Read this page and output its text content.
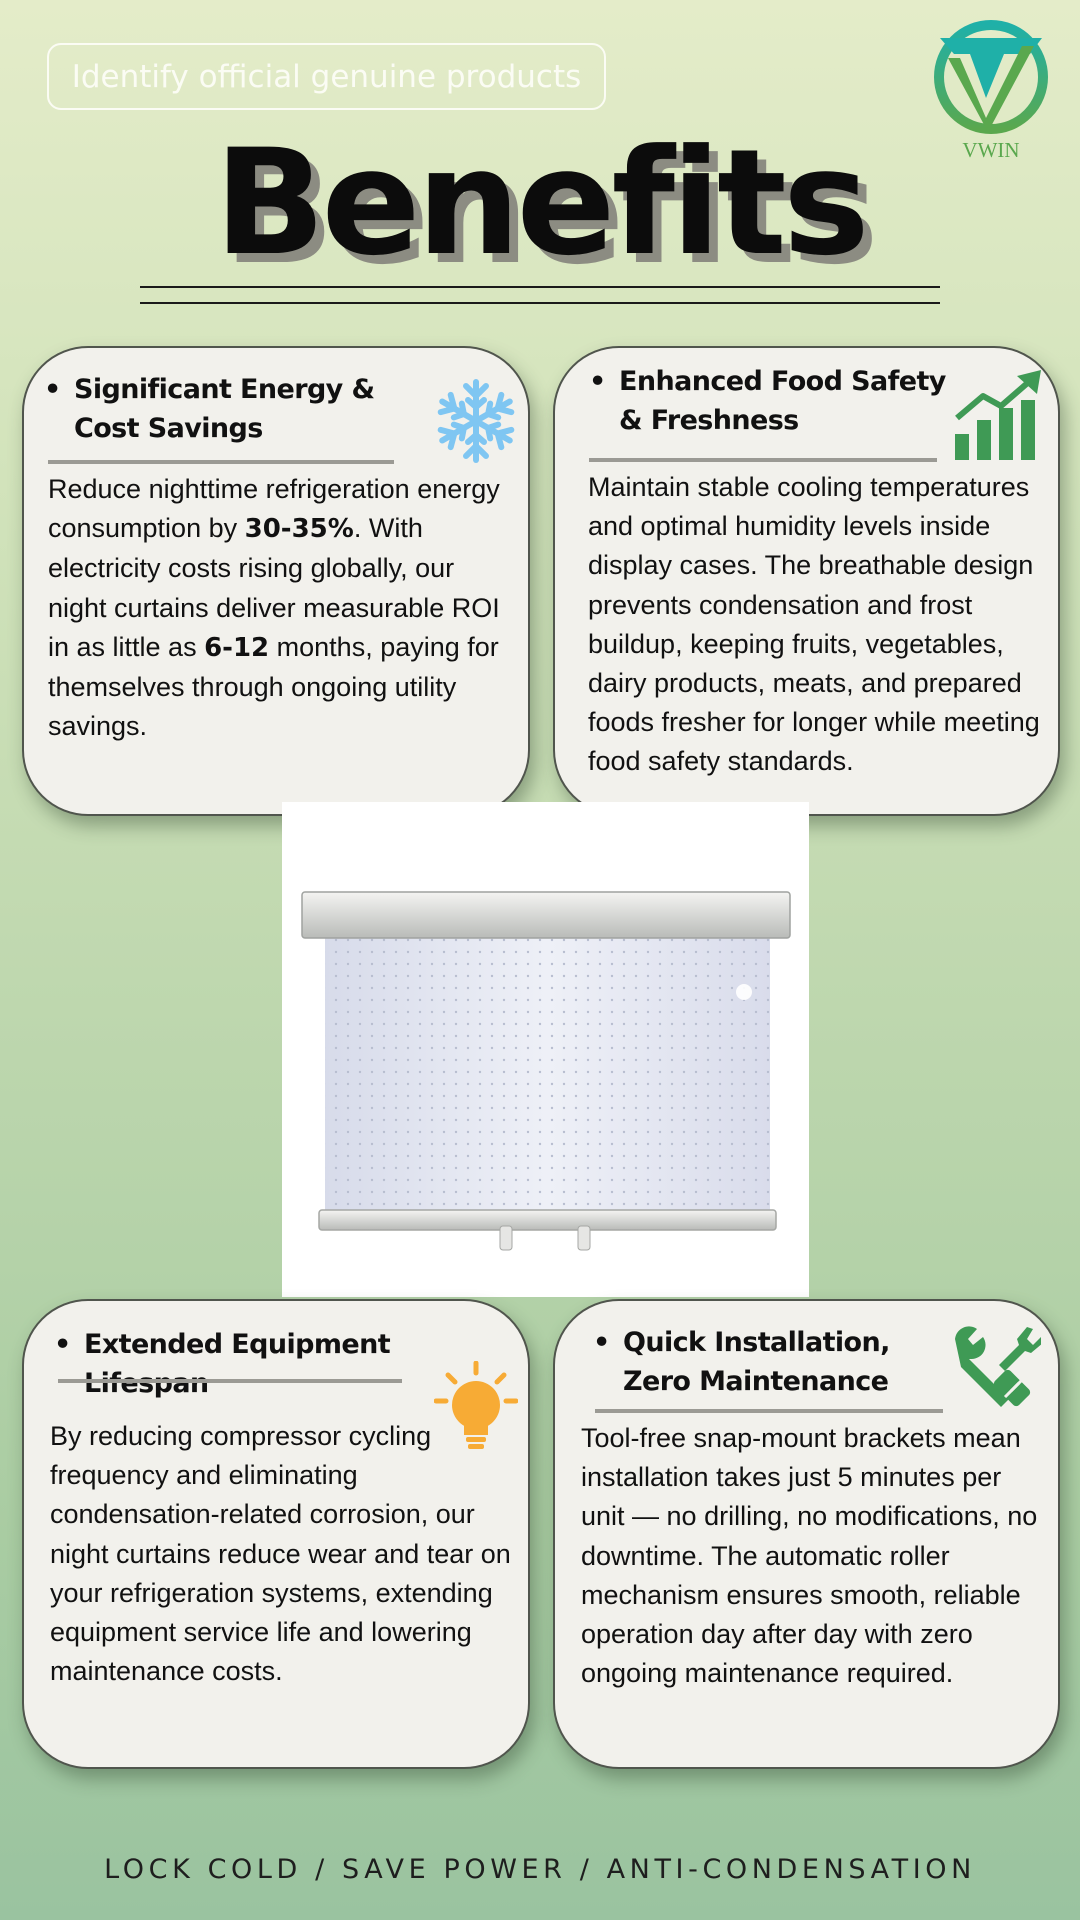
Identify official genuine products
VWIN
Benefits
• Significant Energy & Cost Savings
Reduce nighttime refrigeration energy consumption by 30-35%. With electricity costs rising globally, our night curtains deliver measurable ROI in as little as 6-12 months, paying for themselves through ongoing utility savings.
• Enhanced Food Safety & Freshness
Maintain stable cooling temperatures and optimal humidity levels inside display cases. The breathable design prevents condensation and frost buildup, keeping fruits, vegetables, dairy products, meats, and prepared foods fresher for longer while meeting food safety standards.
• Extended Equipment Lifespan
By reducing compressor cycling frequency and eliminating condensation-related corrosion, our night curtains reduce wear and tear on your refrigeration systems, extending equipment service life and lowering maintenance costs.
• Quick Installation, Zero Maintenance
Tool-free snap-mount brackets mean installation takes just 5 minutes per unit — no drilling, no modifications, no downtime. The automatic roller mechanism ensures smooth, reliable operation day after day with zero ongoing maintenance required.
LOCK COLD / SAVE POWER / ANTI-CONDENSATION
